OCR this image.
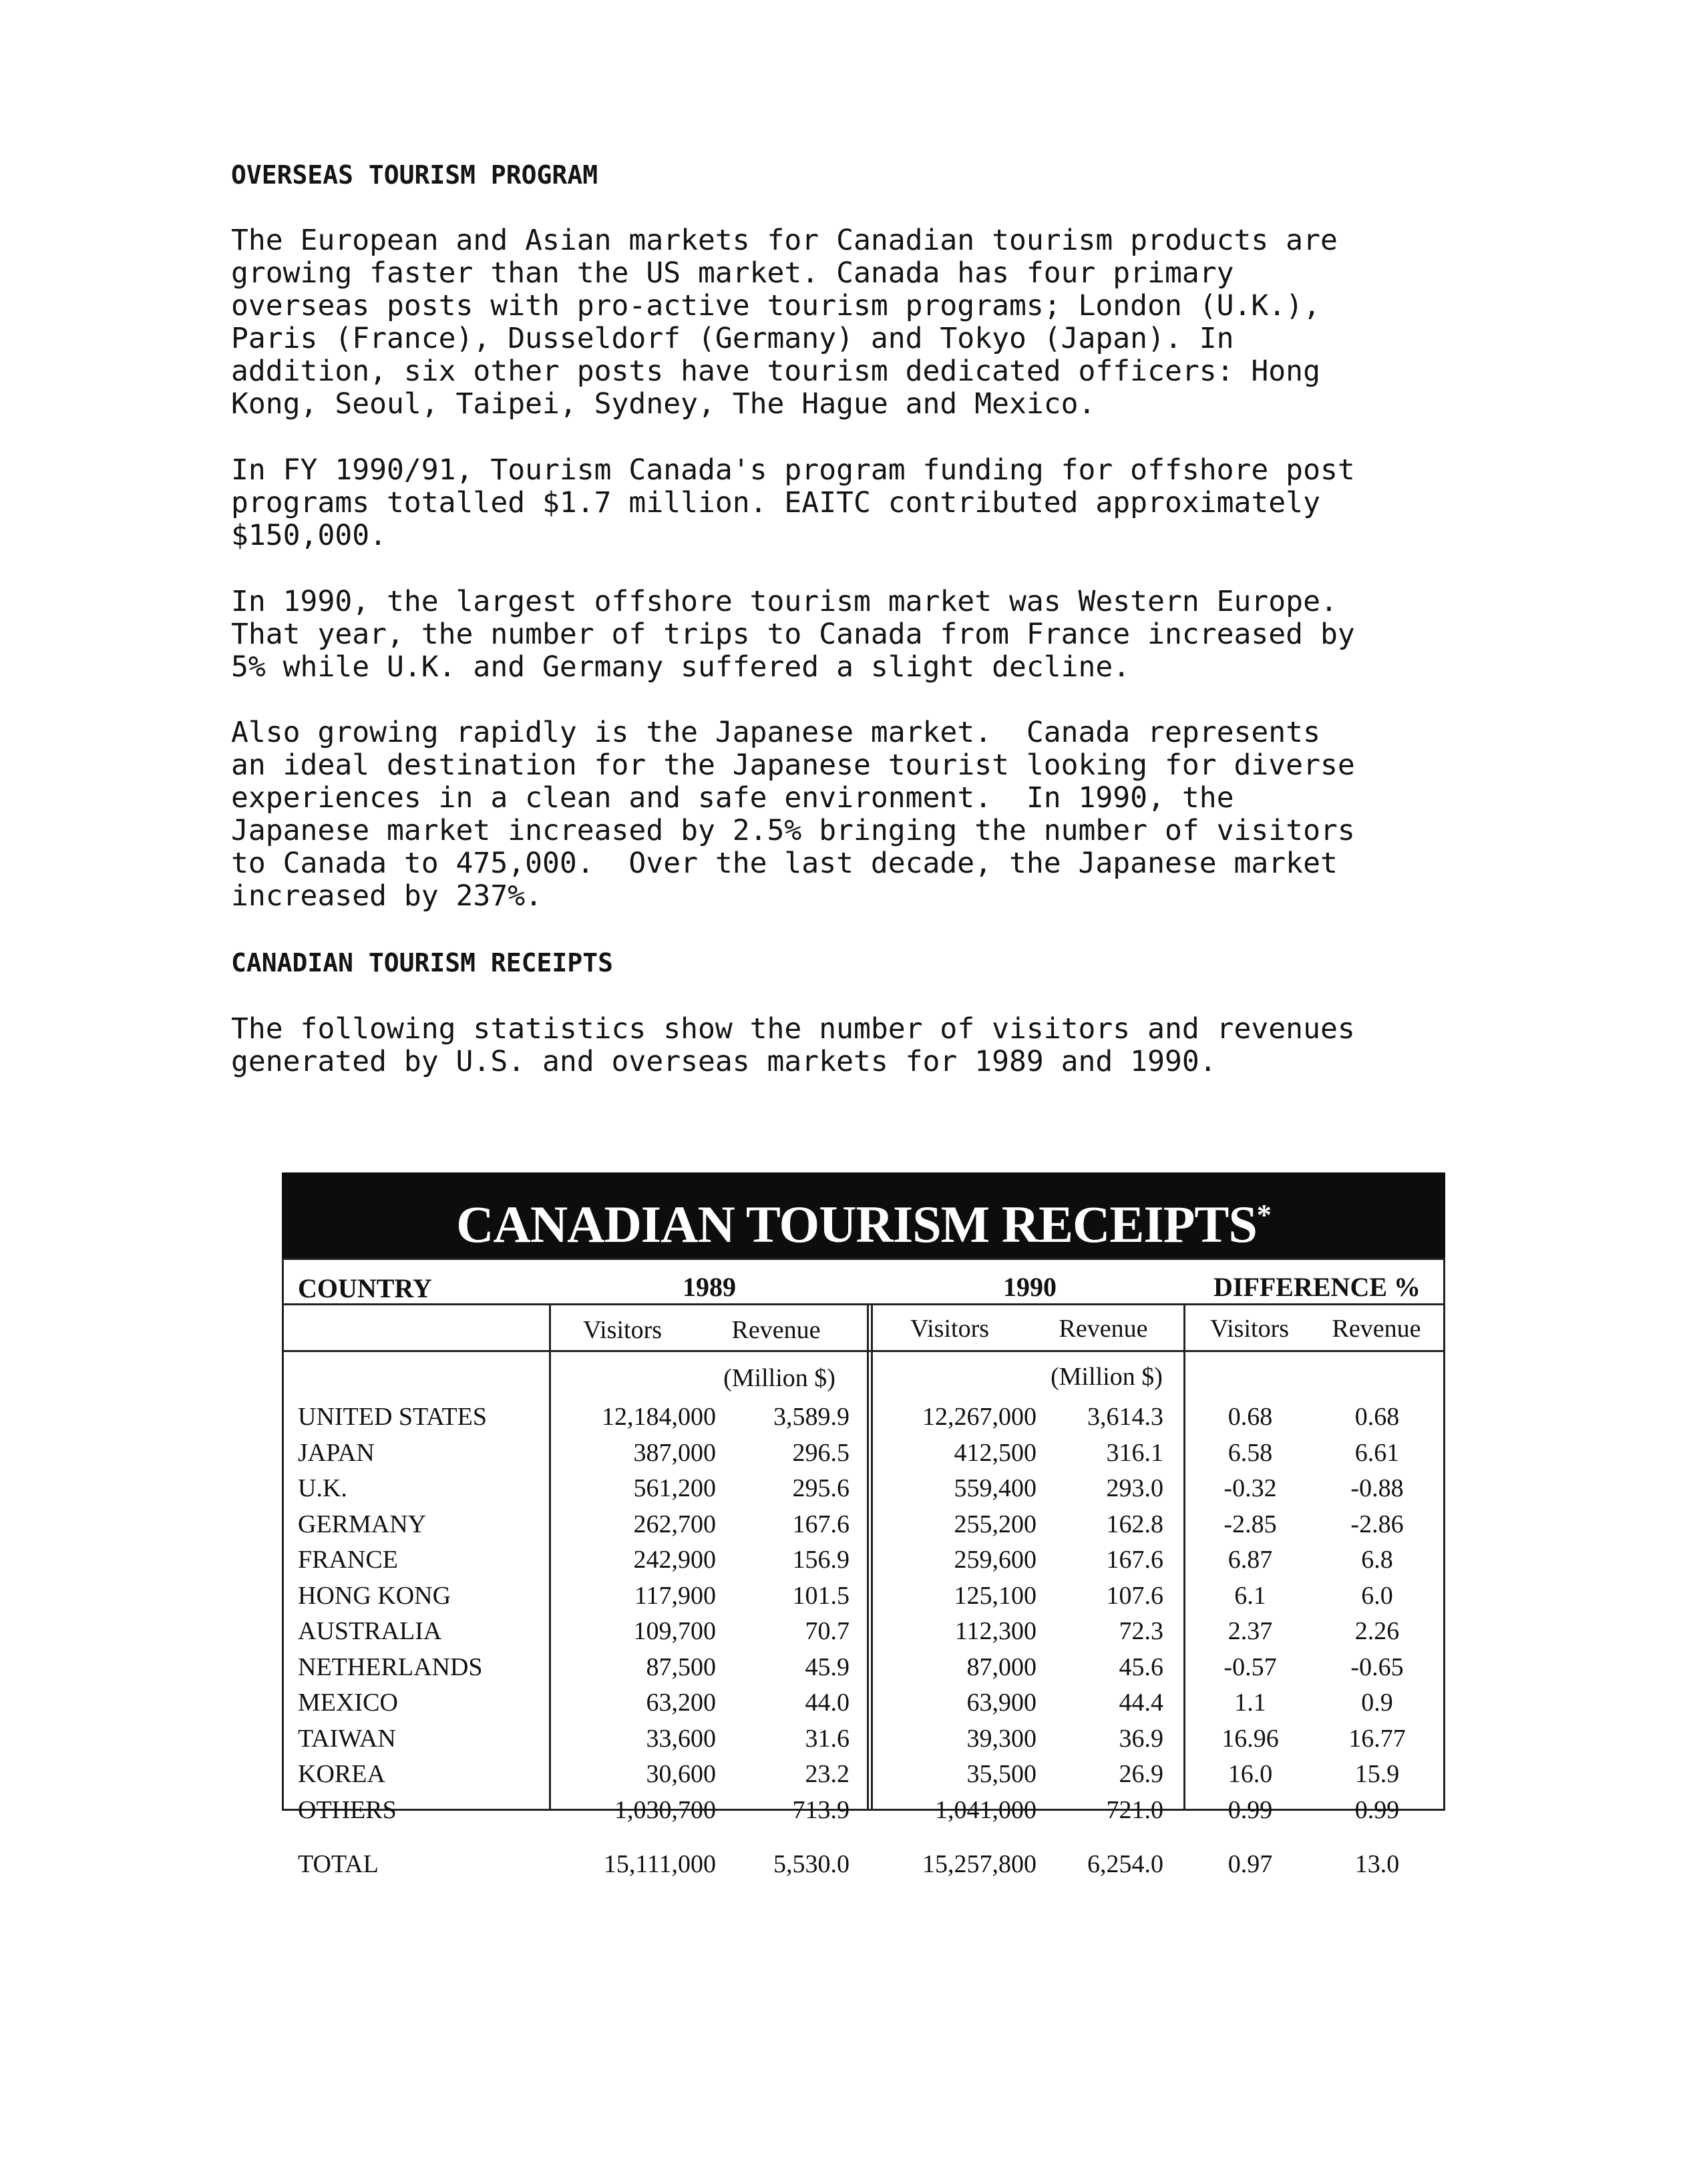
OVERSEAS TOURISM PROGRAM
The European and Asian markets for Canadian tourism products are
growing faster than the US market. Canada has four primary
overseas posts with pro-active tourism programs; London (U.K.),
Paris (France), Dusseldorf (Germany) and Tokyo (Japan). In
addition, six other posts have tourism dedicated officers: Hong
Kong, Seoul, Taipei, Sydney, The Hague and Mexico.
In FY 1990/91, Tourism Canada's program funding for offshore post
programs totalled $1.7 million. EAITC contributed approximately
$150,000.
In 1990, the largest offshore tourism market was Western Europe.
That year, the number of trips to Canada from France increased by
5% while U.K. and Germany suffered a slight decline.
Also growing rapidly is the Japanese market.  Canada represents
an ideal destination for the Japanese tourist looking for diverse
experiences in a clean and safe environment.  In 1990, the
Japanese market increased by 2.5% bringing the number of visitors
to Canada to 475,000.  Over the last decade, the Japanese market
increased by 237%.
CANADIAN TOURISM RECEIPTS
The following statistics show the number of visitors and revenues
generated by U.S. and overseas markets for 1989 and 1990.
CANADIAN TOURISM RECEIPTS*
COUNTRY	1989	1990	DIFFERENCE %
Visitors	Revenue	Visitors	Revenue	Visitors	Revenue
(Million $)	(Million $)
UNITED STATES	12,184,000	3,589.9	12,267,000	3,614.3	0.68	0.68
JAPAN	387,000	296.5	412,500	316.1	6.58	6.61
U.K.	561,200	295.6	559,400	293.0	-0.32	-0.88
GERMANY	262,700	167.6	255,200	162.8	-2.85	-2.86
FRANCE	242,900	156.9	259,600	167.6	6.87	6.8
HONG KONG	117,900	101.5	125,100	107.6	6.1	6.0
AUSTRALIA	109,700	70.7	112,300	72.3	2.37	2.26
NETHERLANDS	87,500	45.9	87,000	45.6	-0.57	-0.65
MEXICO	63,200	44.0	63,900	44.4	1.1	0.9
TAIWAN	33,600	31.6	39,300	36.9	16.96	16.77
KOREA	30,600	23.2	35,500	26.9	16.0	15.9
OTHERS	1,030,700	713.9	1,041,000	721.0	0.99	0.99
TOTAL	15,111,000	5,530.0	15,257,800	6,254.0	0.97	13.0
